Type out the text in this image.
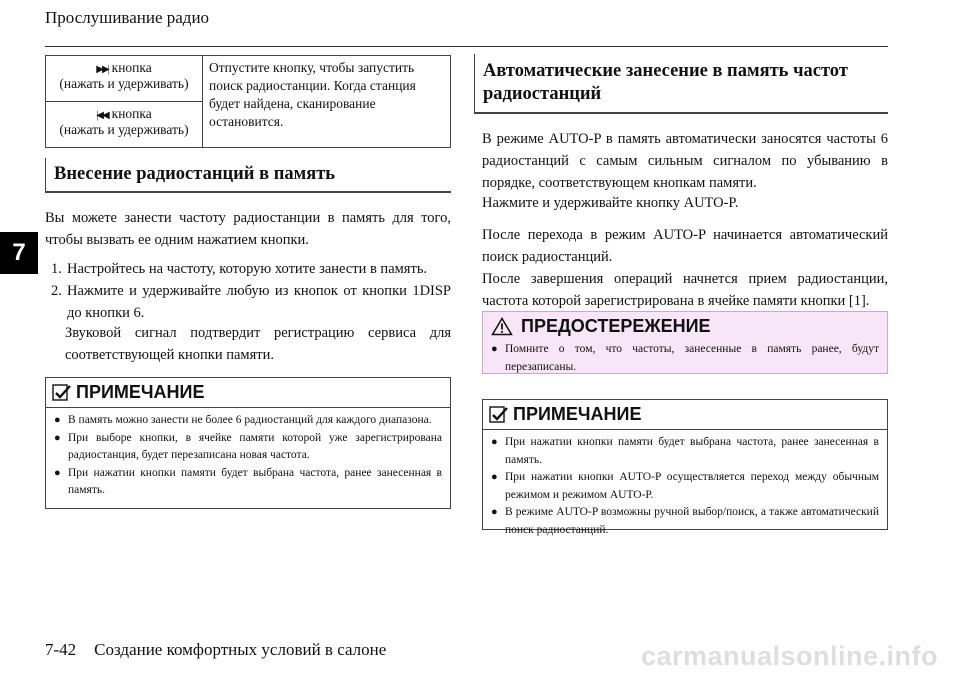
Прослушивание радио
7
▶▶| кнопка
(нажать и удерживать)	Отпустите кнопку, чтобы запустить поиск радиостанции. Когда станция будет найдена, сканирование остановится.
|◀◀ кнопка
(нажать и удерживать)
Внесение радиостанций в память

Вы можете занести частоту радиостанции в память для того, чтобы вызвать ее одним нажатием кнопки.

1. Настройтесь на частоту, которую хотите занести в память.
2. Нажмите и удерживайте любую из кнопок от кнопки 1DISP до кнопки 6.

Звуковой сигнал подтвердит регистрацию сервиса для соответствующей кнопки памяти.

ПРИМЕЧАНИЕ
● В память можно занести не более 6 радиостанций для каждого диапазона.
● При выборе кнопки, в ячейке памяти которой уже зарегистрирована радиостанция, будет перезаписана новая частота.
● При нажатии кнопки памяти будет выбрана частота, ранее занесенная в память.
Автоматические занесение в память частот радиостанций

В режиме AUTO-P в память автоматически заносятся частоты 6 радиостанций с самым сильным сигналом по убыванию в порядке, соответствующем кнопкам памяти.

Нажмите и удерживайте кнопку AUTO-P.

После перехода в режим AUTO-P начинается автоматический поиск радиостанций.

После завершения операций начнется прием радиостанции, частота которой зарегистрирована в ячейке памяти кнопки [1].

ПРЕДОСТЕРЕЖЕНИЕ
● Помните о том, что частоты, занесенные в память ранее, будут перезаписаны.
ПРИМЕЧАНИЕ
● При нажатии кнопки памяти будет выбрана частота, ранее занесенная в память.
● При нажатии кнопки AUTO-P осуществляется переход между обычным режимом и режимом AUTO-P.
● В режиме AUTO-P возможны ручной выбор/поиск, а также автоматический поиск радиостанций.
7-42 Создание комфортных условий в салоне	carmanualsonline.info
